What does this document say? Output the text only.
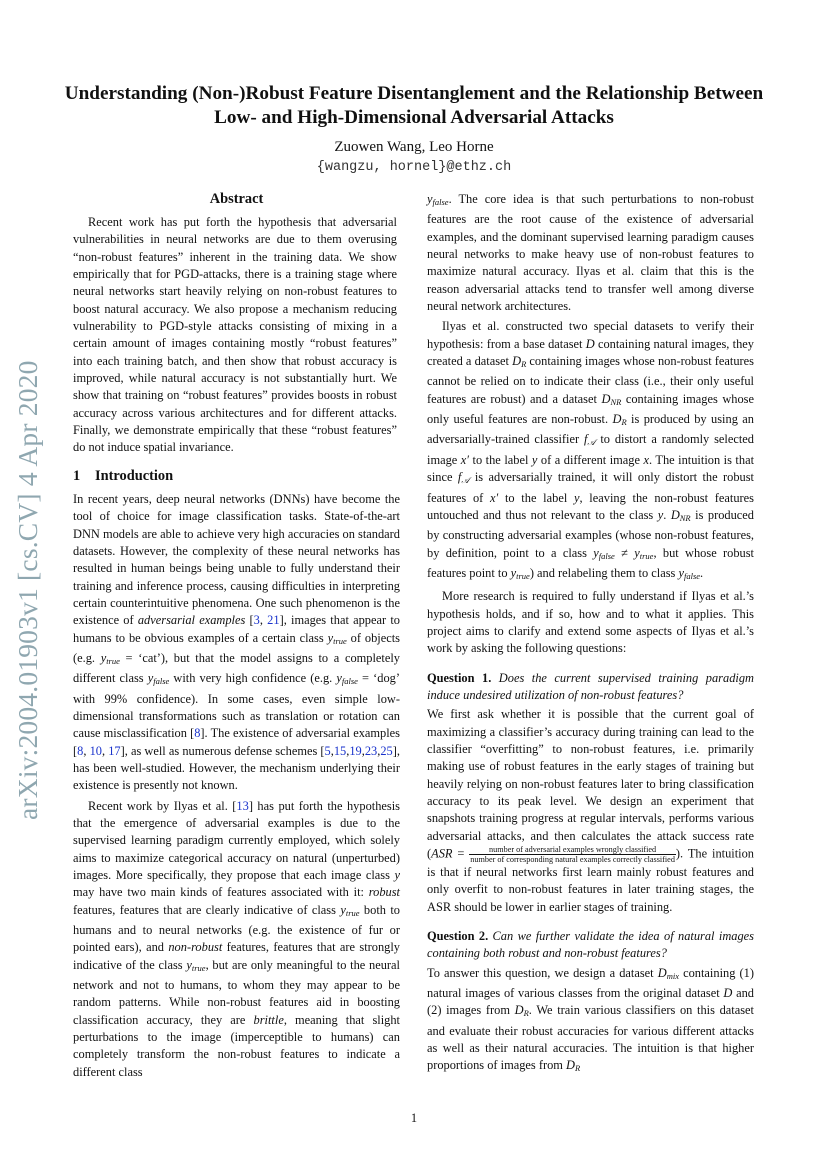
arXiv:2004.01903v1 [cs.CV] 4 Apr 2020
Understanding (Non-)Robust Feature Disentanglement and the Relationship Between Low- and High-Dimensional Adversarial Attacks
Zuowen Wang, Leo Horne
{wangzu, hornel}@ethz.ch
Abstract

Recent work has put forth the hypothesis that adversarial vulnerabilities in neural networks are due to them overusing “non-robust features” inherent in the training data. We show empirically that for PGD-attacks, there is a training stage where neural networks start heavily relying on non-robust features to boost natural accuracy. We also propose a mechanism reducing vulnerability to PGD-style attacks consisting of mixing in a certain amount of images containing mostly “robust features” into each training batch, and then show that robust accuracy is improved, while natural accuracy is not substantially hurt. We show that training on “robust features” provides boosts in robust accuracy across various architectures and for different attacks. Finally, we demonstrate empirically that these “robust features” do not induce spatial invariance.

1 Introduction

In recent years, deep neural networks (DNNs) have become the tool of choice for image classification tasks. State-of-the-art DNN models are able to achieve very high accuracies on standard datasets. However, the complexity of these neural networks has resulted in human beings being unable to fully understand their training and inference process, causing difficulties in interpreting certain counterintuitive phenomena. One such phenomenon is the existence of adversarial examples [3, 21], images that appear to humans to be obvious examples of a certain class $y_{true}$ of objects (e.g. $y_{true}$ = ‘cat’), but that the model assigns to a completely different class $y_{false}$ with very high confidence (e.g. $y_{false}$ = ‘dog’ with 99% confidence). In some cases, even simple low-dimensional transformations such as translation or rotation can cause misclassification [8]. The existence of adversarial examples [8, 10, 17], as well as numerous defense schemes [5,15,19,23,25], has been well-studied. However, the mechanism underlying their existence is presently not known.

Recent work by Ilyas et al. [13] has put forth the hypothesis that the emergence of adversarial examples is due to the supervised learning paradigm currently employed, which solely aims to maximize categorical accuracy on natural (unperturbed) images. More specifically, they propose that each image class y may have two main kinds of features associated with it: robust features, features that are clearly indicative of class $y_{true}$ both to humans and to neural networks (e.g. the existence of fur or pointed ears), and non-robust features, features that are strongly indicative of the class $y_{true}$, but are only meaningful to the neural network and not to humans, to whom they may appear to be random patterns. While non-robust features aid in boosting classification accuracy, they are brittle, meaning that slight perturbations to the image (imperceptible to humans) can completely transform the non-robust features to indicate a different class

$y_{false}$. The core idea is that such perturbations to non-robust features are the root cause of the existence of adversarial examples, and the dominant supervised learning paradigm causes neural networks to make heavy use of non-robust features to maximize natural accuracy. Ilyas et al. claim that this is the reason adversarial attacks tend to transfer well among diverse neural network architectures.

Ilyas et al. constructed two special datasets to verify their hypothesis: from a base dataset D containing natural images, they created a dataset $D_R$ containing images whose non-robust features cannot be relied on to indicate their class (i.e., their only useful features are robust) and a dataset $D_{NR}$ containing images whose only useful features are non-robust. $D_R$ is produced by using an adversarially-trained classifier $f_𝒜$ to distort a randomly selected image x′ to the label y of a different image x. The intuition is that since $f_𝒜$ is adversarially trained, it will only distort the robust features of x′ to the label y, leaving the non-robust features untouched and thus not relevant to the class y. $D_{NR}$ is produced by constructing adversarial examples (whose non-robust features, by definition, point to a class $y_{false} \ne y_{true}$, but whose robust features point to $y_{true}$) and relabeling them to class $y_{false}$.

More research is required to fully understand if Ilyas et al.’s hypothesis holds, and if so, how and to what it applies. This project aims to clarify and extend some aspects of Ilyas et al.’s work by asking the following questions:

Question 1. Does the current supervised training paradigm induce undesired utilization of non-robust features?

We first ask whether it is possible that the current goal of maximizing a classifier’s accuracy during training can lead to the classifier “overfitting” to non-robust features, i.e. primarily making use of robust features in the early stages of training but heavily relying on non-robust features later to bring classification accuracy to its peak level. We design an experiment that snapshots training progress at regular intervals, performs various adversarial attacks, and then calculates the attack success rate (ASR =	number of adversarial examples wrongly classified
number of corresponding natural examples correctly classified ). The intuition is that if neural networks first learn mainly robust features and only overfit to non-robust features in later training stages, the ASR should be lower in earlier stages of training.

Question 2. Can we further validate the idea of natural images containing both robust and non-robust features?

To answer this question, we design a dataset $D_{mix}$ containing (1) natural images of various classes from the original dataset D and (2) images from $D_R$. We train various classifiers on this dataset and evaluate their robust accuracies for various different attacks as well as their natural accuracies. The intuition is that higher proportions of images from $D_R$

1
